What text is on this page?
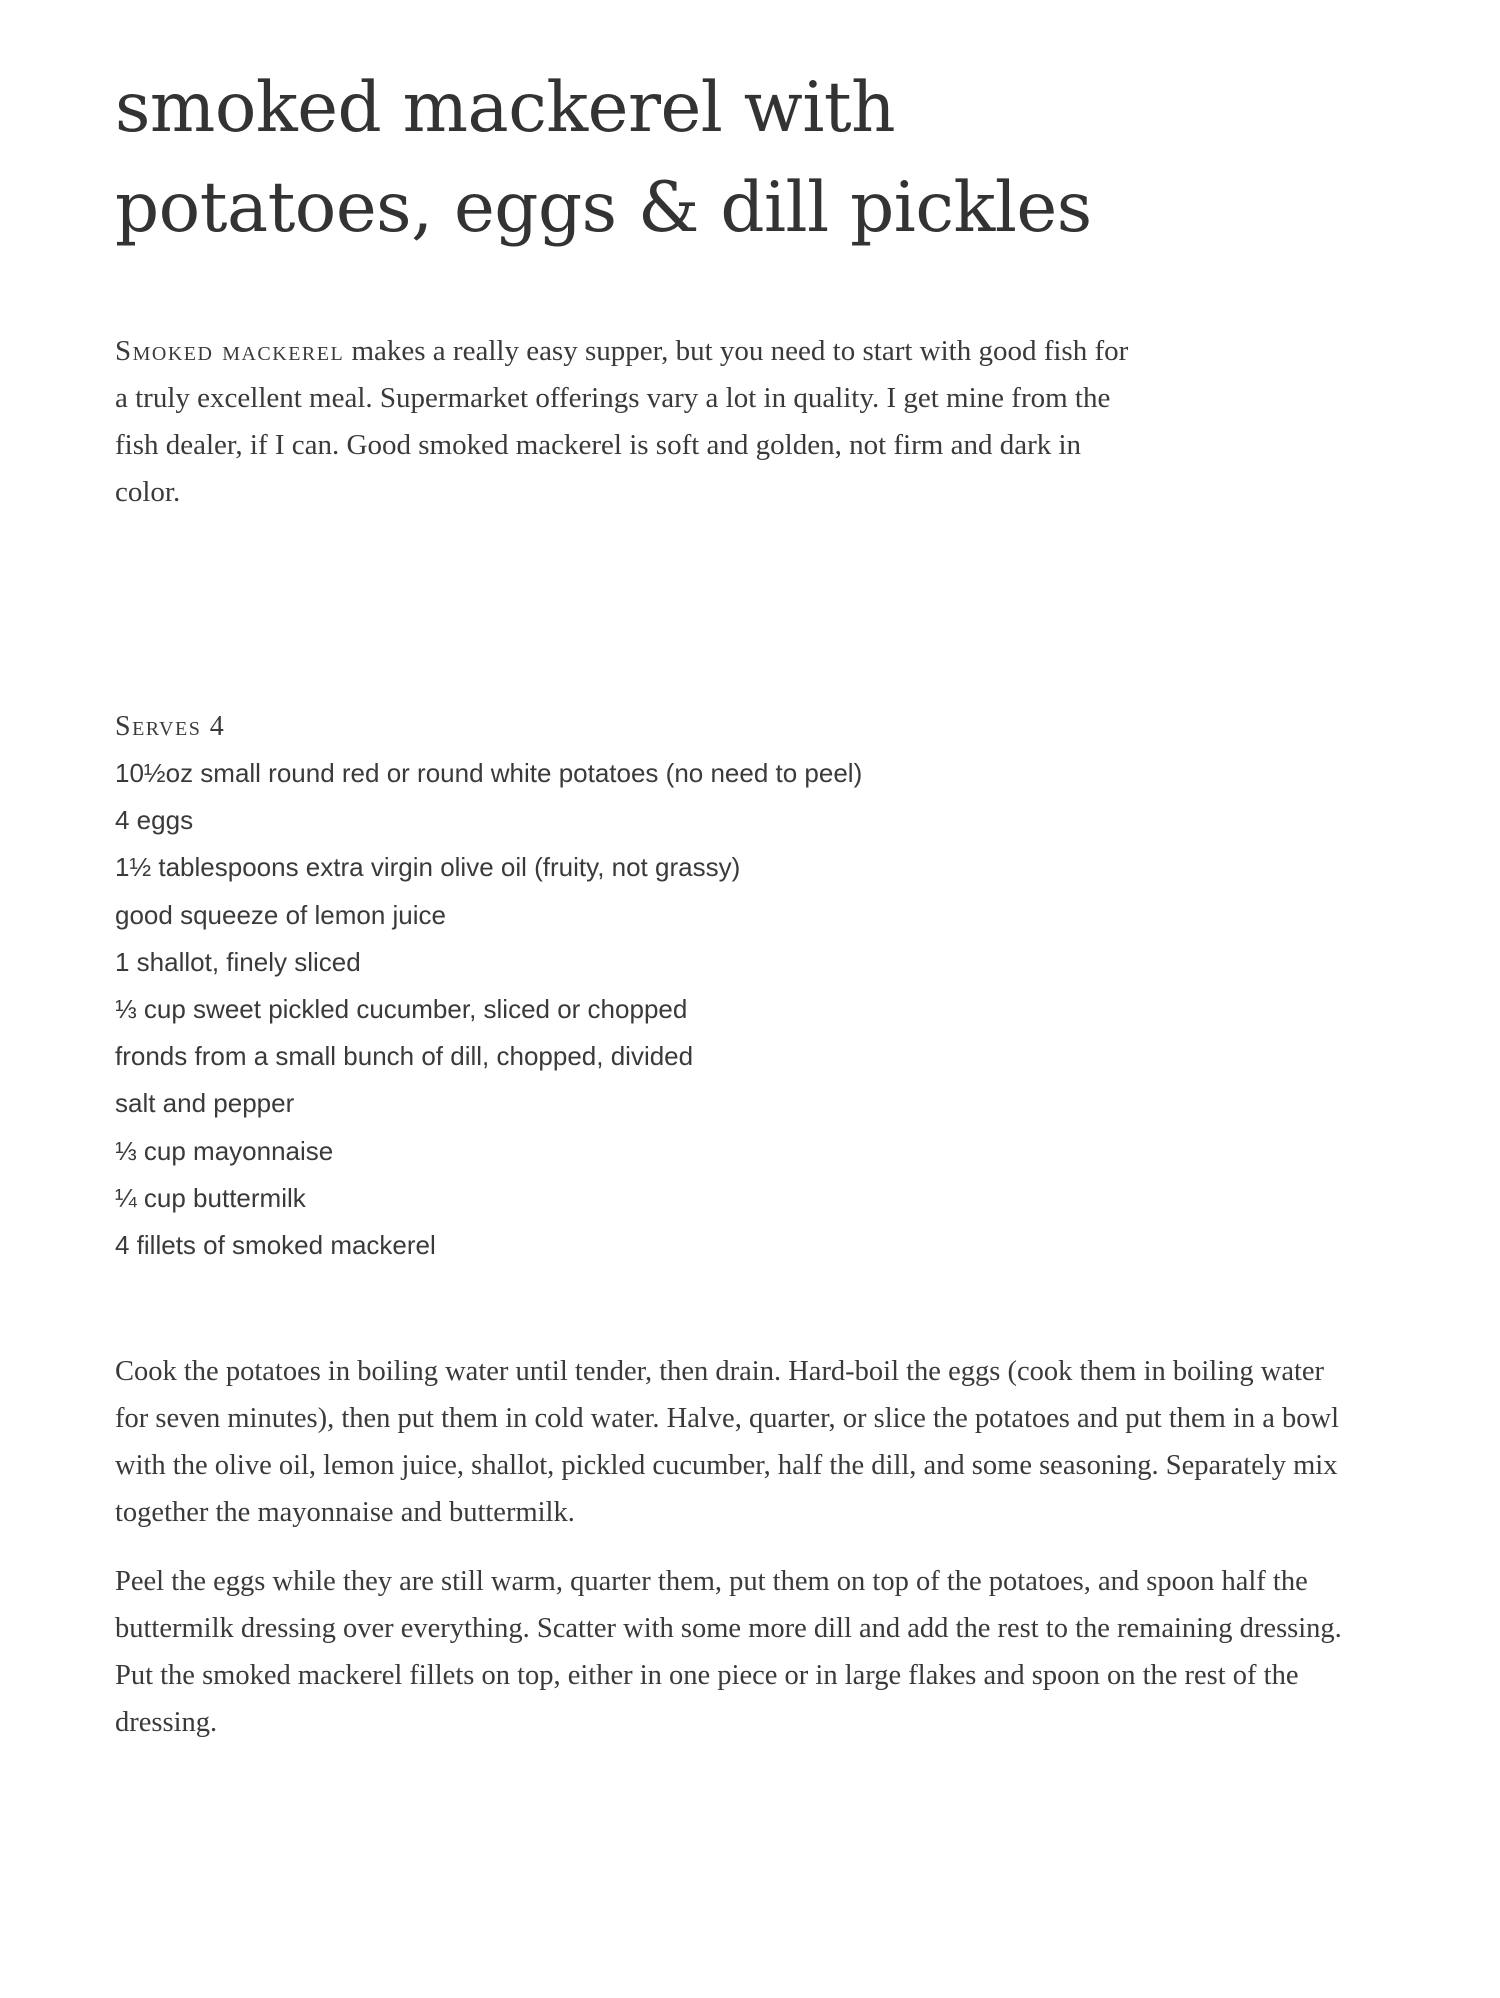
smoked mackerel with
potatoes, eggs & dill pickles

Smoked mackerel makes a really easy supper, but you need to start with good fish for a truly excellent meal. Supermarket offerings vary a lot in quality. I get mine from the fish dealer, if I can. Good smoked mackerel is soft and golden, not firm and dark in color.

Serves 4

10½oz small round red or round white potatoes (no need to peel)
4 eggs
1½ tablespoons extra virgin olive oil (fruity, not grassy)
good squeeze of lemon juice
1 shallot, finely sliced
⅓ cup sweet pickled cucumber, sliced or chopped
fronds from a small bunch of dill, chopped, divided
salt and pepper
⅓ cup mayonnaise
¼ cup buttermilk
4 fillets of smoked mackerel

Cook the potatoes in boiling water until tender, then drain. Hard-boil the eggs (cook them in boiling water for seven minutes), then put them in cold water. Halve, quarter, or slice the potatoes and put them in a bowl with the olive oil, lemon juice, shallot, pickled cucumber, half the dill, and some seasoning. Separately mix together the mayonnaise and buttermilk.

Peel the eggs while they are still warm, quarter them, put them on top of the potatoes, and spoon half the buttermilk dressing over everything. Scatter with some more dill and add the rest to the remaining dressing. Put the smoked mackerel fillets on top, either in one piece or in large flakes and spoon on the rest of the dressing.
